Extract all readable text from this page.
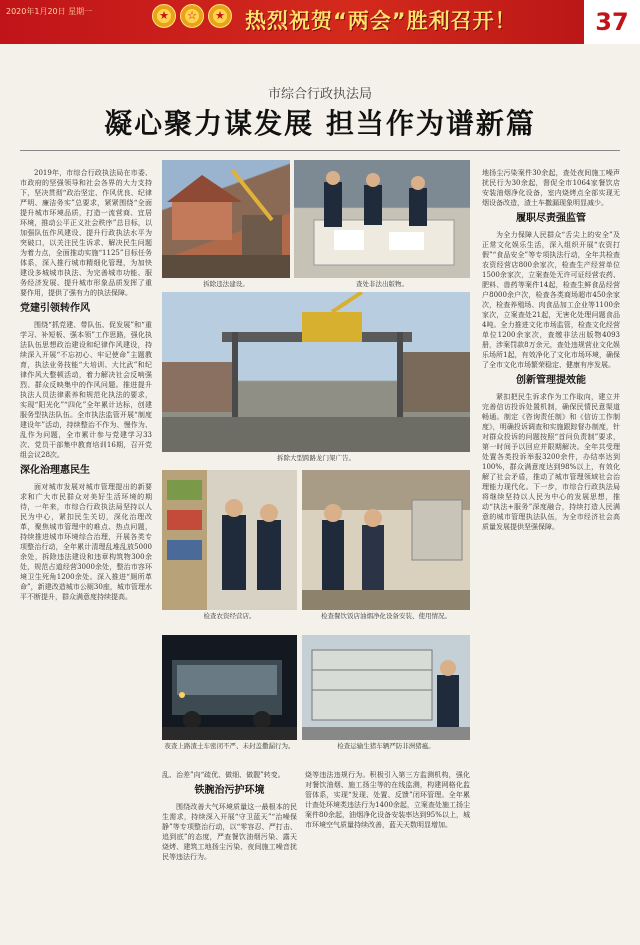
2020年1月20日 星期一	★	☆	★ 热烈祝贺“两会”胜利召开！	37
市综合行政执法局
凝心聚力谋发展 担当作为谱新篇

2019年，市综合行政执法局在市委、市政府的坚强领导和社会各界的大力支持下，坚决贯彻“政治坚定、作风优良、纪律严明、廉洁务实”总要求，紧紧围绕“全面提升城市环境品质，打造一流营商、宜居环境，推动公平正义社会秩序”总目标，以加强队伍作风建设、提升行政执法水平为突破口，以关注民生诉求、解决民生问题为着力点，全面推动实施“1125”目标任务体系，深入推行城市精细化管理，为加快建设多城城市执法、为完善城市功能、服务经济发展、提升城市形象品质发挥了重要作用，提供了强有力的执法保障。

党建引领转作风

围绕“抓党建、带队伍、促发展”和“重学习、补短板、强本领”工作思路，强化执法队伍思想政治建设和纪律作风建设，持续深入开展“不忘初心、牢记使命”主题教育，执法业务技能“大培训、大比武”和纪律作风大整顿活动，着力解决社会反响强烈、群众反映集中的作风问题。推进提升执法人员法律素养和规范化执法的要求，实现“阳光化”“四化”全年累计达标，创建服务型执法队伍。全市执法监管开展“制度建设年”活动，持续整治不作为、慢作为、乱作为问题，全市累计参与党建学习33次、党员干部集中教育培训16期，召开党组会议28次。

深化治理惠民生

面对城市发展对城市管理提出的新要求和广大市民群众对美好生活环境的期待，一年来，市综合行政执法局坚持以人民为中心，紧扣民生关切，深化治理改革，聚焦城市管理中的难点、热点问题，持续推进城市环境综合治理，开展各类专项整治行动，全年累计清理乱堆乱放5000余处，拆除违法建设和违章构筑物300余处，规范占道经营3000余处，整治市容环境卫生死角1200余处。深入推进“厕所革命”，新建改造城市公厕30座，城市管理水平不断提升，群众满意度持续提高。

拆除违法建设。	查处非法出版物。
拆除大型跨路龙门架广告。
检查农资经营店。	检查餐饮饭店油烟净化设备安装、使用情况。
夜查上路渣土车密闭不严、未封盖撒漏行为。	检查运输生猪车辆严防非洲猪瘟。

乱、治差”向“疏优、做细、做靓”转变。

铁腕治污护环境

围绕改善大气环境质量这一最根本的民生需求，持续深入开展“守卫蓝天”“治噪保静”等专项整治行动，以“零容忍、严打击、追到底”的态度，严查餐饮油烟污染、露天烧烤、建筑工地扬尘污染、夜间施工噪音扰民等违法行为。

烧等违法违规行为。积极引入第三方监测机构，强化对餐饮油烟、施工扬尘等的在线监测，构建网格化监管体系，实现“发现、处置、反馈”闭环管理。全年累计查处环境类违法行为1400余起，立案查处施工扬尘案件80余起，油烟净化设备安装率达到95%以上，城市环境空气质量持续改善，蓝天天数明显增加。

地扬尘污染案件30余起，查处夜间施工噪声扰民行为30余起，督促全市1064家餐饮店安装油烟净化设备，室内烧烤点全部实现无烟设备改造，渣土车撒漏现象明显减少。

履职尽责强监管

为全力保障人民群众“舌尖上的安全”及正常文化娱乐生活，深入组织开展“农资打假”“食品安全”等专项执法行动，全年共检查农资经营店800余家次，检查生产经营单位1500余家次，立案查处无许可证经营农药、肥料、兽药等案件14起，检查生鲜食品经营户8000余户次，检查各类商场超市450余家次，检查养殖场、肉食品加工企业等1100余家次，立案查处21起，无害化处理问题食品4吨。全力推进文化市场监管，检查文化经营单位1200余家次，查缴非法出版物4093册，涉案罚款8万余元，查处违规营业文化娱乐场所1起，有效净化了文化市场环境，确保了全市文化市场繁荣稳定、健康有序发展。

创新管理提效能

紧扣把民生诉求作为工作取向，建立并完善信访投诉处置机制，确保民情民意渠道畅通。制定《咨询责任制》和《信访工作制度》，明确投诉调查和实施跟踪督办制度，针对群众投诉的问题按照“首问负责制”要求，第一时间予以回应并限期解决。全年共受理处置各类投诉举报3200余件，办结率达到100%，群众满意度达到98%以上，有效化解了社会矛盾，推动了城市管理领域社会治理能力现代化。下一步，市综合行政执法局将继续坚持以人民为中心的发展思想，推动“执法+服务”深度融合，持续打造人民满意的城市管理执法队伍，为全市经济社会高质量发展提供坚强保障。
